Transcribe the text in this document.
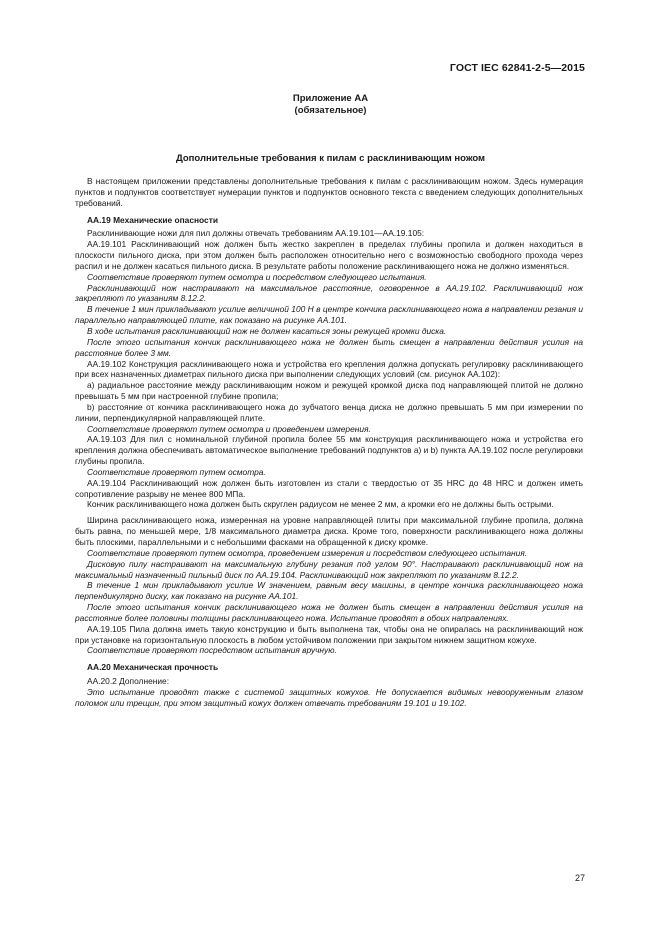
ГОСТ IEC 62841-2-5—2015
Приложение АА
(обязательное)
Дополнительные требования к пилам с расклинивающим ножом

В настоящем приложении представлены дополнительные требования к пилам с расклинивающим ножом. Здесь нумерация пунктов и подпунктов соответствует нумерации пунктов и подпунктов основного текста с введением следующих дополнительных требований.

АА.19 Механические опасности

Расклинивающие ножи для пил должны отвечать требованиям АА.19.101—АА.19.105:

АА.19.101 Расклинивающий нож должен быть жестко закреплен в пределах глубины пропила и должен находиться в плоскости пильного диска, при этом должен быть расположен относительно него с возможностью свободного прохода через распил и не должен касаться пильного диска. В результате работы положение расклинивающего ножа не должно изменяться.

Соответствие проверяют путем осмотра и посредством следующего испытания.

Расклинивающий нож настраивают на максимальное расстояние, оговоренное в АА.19.102. Расклинивающий нож закрепляют по указаниям 8.12.2.

В течение 1 мин прикладывают усилие величиной 100 Н в центре кончика расклинивающего ножа в направлении резания и параллельно направляющей плите, как показано на рисунке АА.101.

В ходе испытания расклинивающий нож не должен касаться зоны режущей кромки диска.

После этого испытания кончик расклинивающего ножа не должен быть смещен в направлении действия усилия на расстояние более 3 мм.

АА.19.102 Конструкция расклинивающего ножа и устройства его крепления должна допускать регулировку расклинивающего при всех назначенных диаметрах пильного диска при выполнении следующих условий (см. рисунок АА.102):

а) радиальное расстояние между расклинивающим ножом и режущей кромкой диска под направляющей плитой не должно превышать 5 мм при настроенной глубине пропила;

b) расстояние от кончика расклинивающего ножа до зубчатого венца диска не должно превышать 5 мм при измерении по линии, перпендикулярной направляющей плите.

Соответствие проверяют путем осмотра и проведением измерения.

АА.19.103 Для пил с номинальной глубиной пропила более 55 мм конструкция расклинивающего ножа и устройства его крепления должна обеспечивать автоматическое выполнение требований подпунктов а) и b) пункта АА.19.102 после регулировки глубины пропила.

Соответствие проверяют путем осмотра.

АА.19.104 Расклинивающий нож должен быть изготовлен из стали с твердостью от 35 HRC до 48 HRC и должен иметь сопротивление разрыву не менее 800 МПа.

Кончик расклинивающего ножа должен быть скруглен радиусом не менее 2 мм, а кромки его не должны быть острыми.

Ширина расклинивающего ножа, измеренная на уровне направляющей плиты при максимальной глубине пропила, должна быть равна, по меньшей мере, 1/8 максимального диаметра диска. Кроме того, поверхности расклинивающего ножа должны быть плоскими, параллельными и с небольшими фасками на обращенной к диску кромке.

Соответствие проверяют путем осмотра, проведением измерения и посредством следующего испытания.

Дисковую пилу настраивают на максимальную глубину резания под углом 90°. Настраивают расклинивающий нож на максимальный назначенный пильный диск по АА.19.104. Расклинивающий нож закрепляют по указаниям 8.12.2.

В течение 1 мин прикладывают усилие W значением, равным весу машины, в центре кончика расклинивающего ножа перпендикулярно диску, как показано на рисунке АА.101.

После этого испытания кончик расклинивающего ножа не должен быть смещен в направлении действия усилия на расстояние более половины толщины расклинивающего ножа. Испытание проводят в обоих направлениях.

АА.19.105 Пила должна иметь такую конструкцию и быть выполнена так, чтобы она не опиралась на расклинивающий нож при установке на горизонтальную плоскость в любом устойчивом положении при закрытом нижнем защитном кожухе.

Соответствие проверяют посредством испытания вручную.

АА.20 Механическая прочность

АА.20.2 Дополнение:

Это испытание проводят также с системой защитных кожухов. Не допускается видимых невооруженным глазом поломок или трещин, при этом защитный кожух должен отвечать требованиям 19.101 и 19.102.

27
